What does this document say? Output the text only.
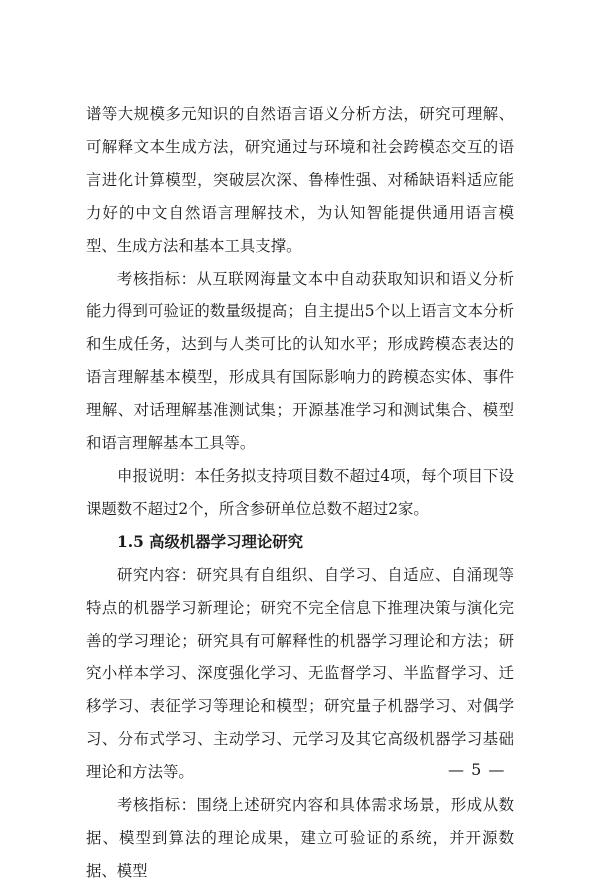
谱等大规模多元知识的自然语言语义分析方法，研究可理解、可解释文本生成方法，研究通过与环境和社会跨模态交互的语言进化计算模型，突破层次深、鲁棒性强、对稀缺语料适应能力好的中文自然语言理解技术，为认知智能提供通用语言模型、生成方法和基本工具支撑。

考核指标：从互联网海量文本中自动获取知识和语义分析能力得到可验证的数量级提高；自主提出5个以上语言文本分析和生成任务，达到与人类可比的认知水平；形成跨模态表达的语言理解基本模型，形成具有国际影响力的跨模态实体、事件理解、对话理解基准测试集；开源基准学习和测试集合、模型和语言理解基本工具等。

申报说明：本任务拟支持项目数不超过4项，每个项目下设课题数不超过2个，所含参研单位总数不超过2家。

1.5 高级机器学习理论研究

研究内容：研究具有自组织、自学习、自适应、自涌现等特点的机器学习新理论；研究不完全信息下推理决策与演化完善的学习理论；研究具有可解释性的机器学习理论和方法；研究小样本学习、深度强化学习、无监督学习、半监督学习、迁移学习、表征学习等理论和模型；研究量子机器学习、对偶学习、分布式学习、主动学习、元学习及其它高级机器学习基础理论和方法等。

考核指标：围绕上述研究内容和具体需求场景，形成从数据、模型到算法的理论成果，建立可验证的系统，并开源数据、模型

— 5 —
